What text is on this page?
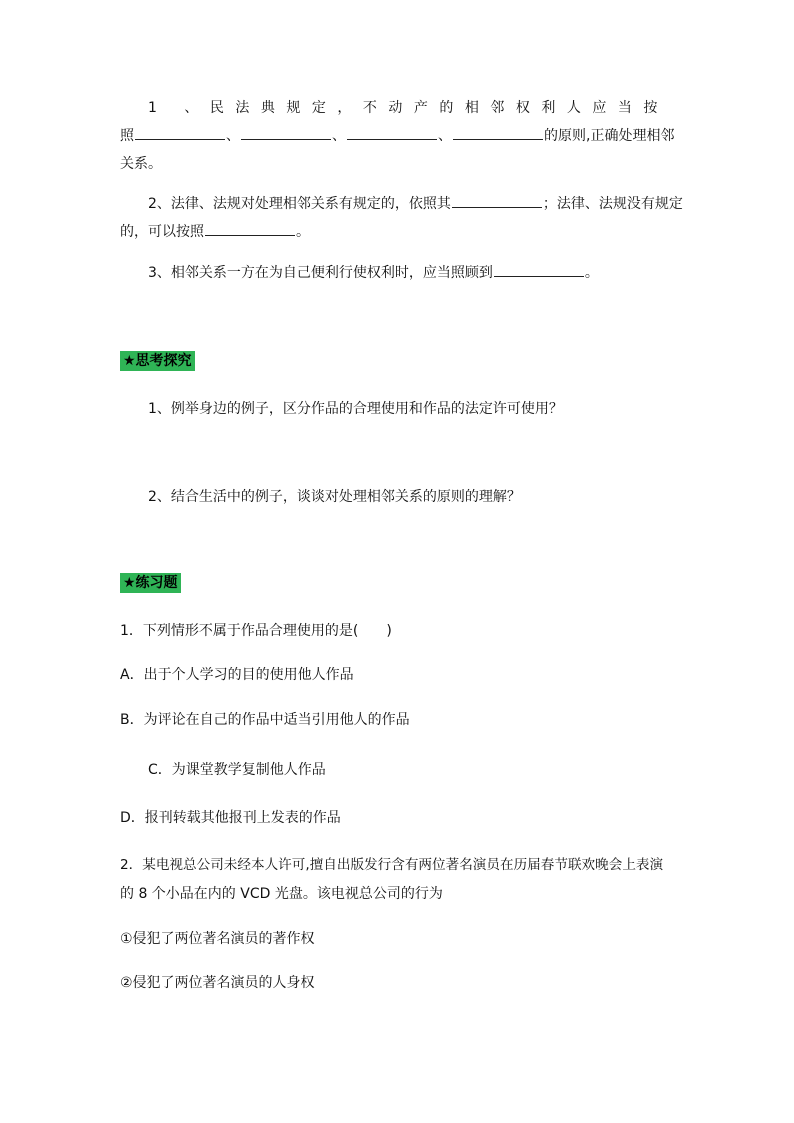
1 、民法典规定，不动产的相邻权利人应当按
照	、	、	、	的原则,正确处理相邻
关系。
2、法律、法规对处理相邻关系有规定的，依照其	；法律、法规没有规定
的，可以按照	。
3、相邻关系一方在为自己便利行使权利时，应当照顾到	。
★思考探究
1、例举身边的例子，区分作品的合理使用和作品的法定许可使用？
2、结合生活中的例子，谈谈对处理相邻关系的原则的理解？
★练习题
1．下列情形不属于作品合理使用的是(　　)
A．出于个人学习的目的使用他人作品
B．为评论在自己的作品中适当引用他人的作品
C．为课堂教学复制他人作品
D．报刊转载其他报刊上发表的作品
2．某电视总公司未经本人许可,擅自出版发行含有两位著名演员在历届春节联欢晚会上表演
的 8 个小品在内的 VCD 光盘。该电视总公司的行为
①侵犯了两位著名演员的著作权
②侵犯了两位著名演员的人身权
